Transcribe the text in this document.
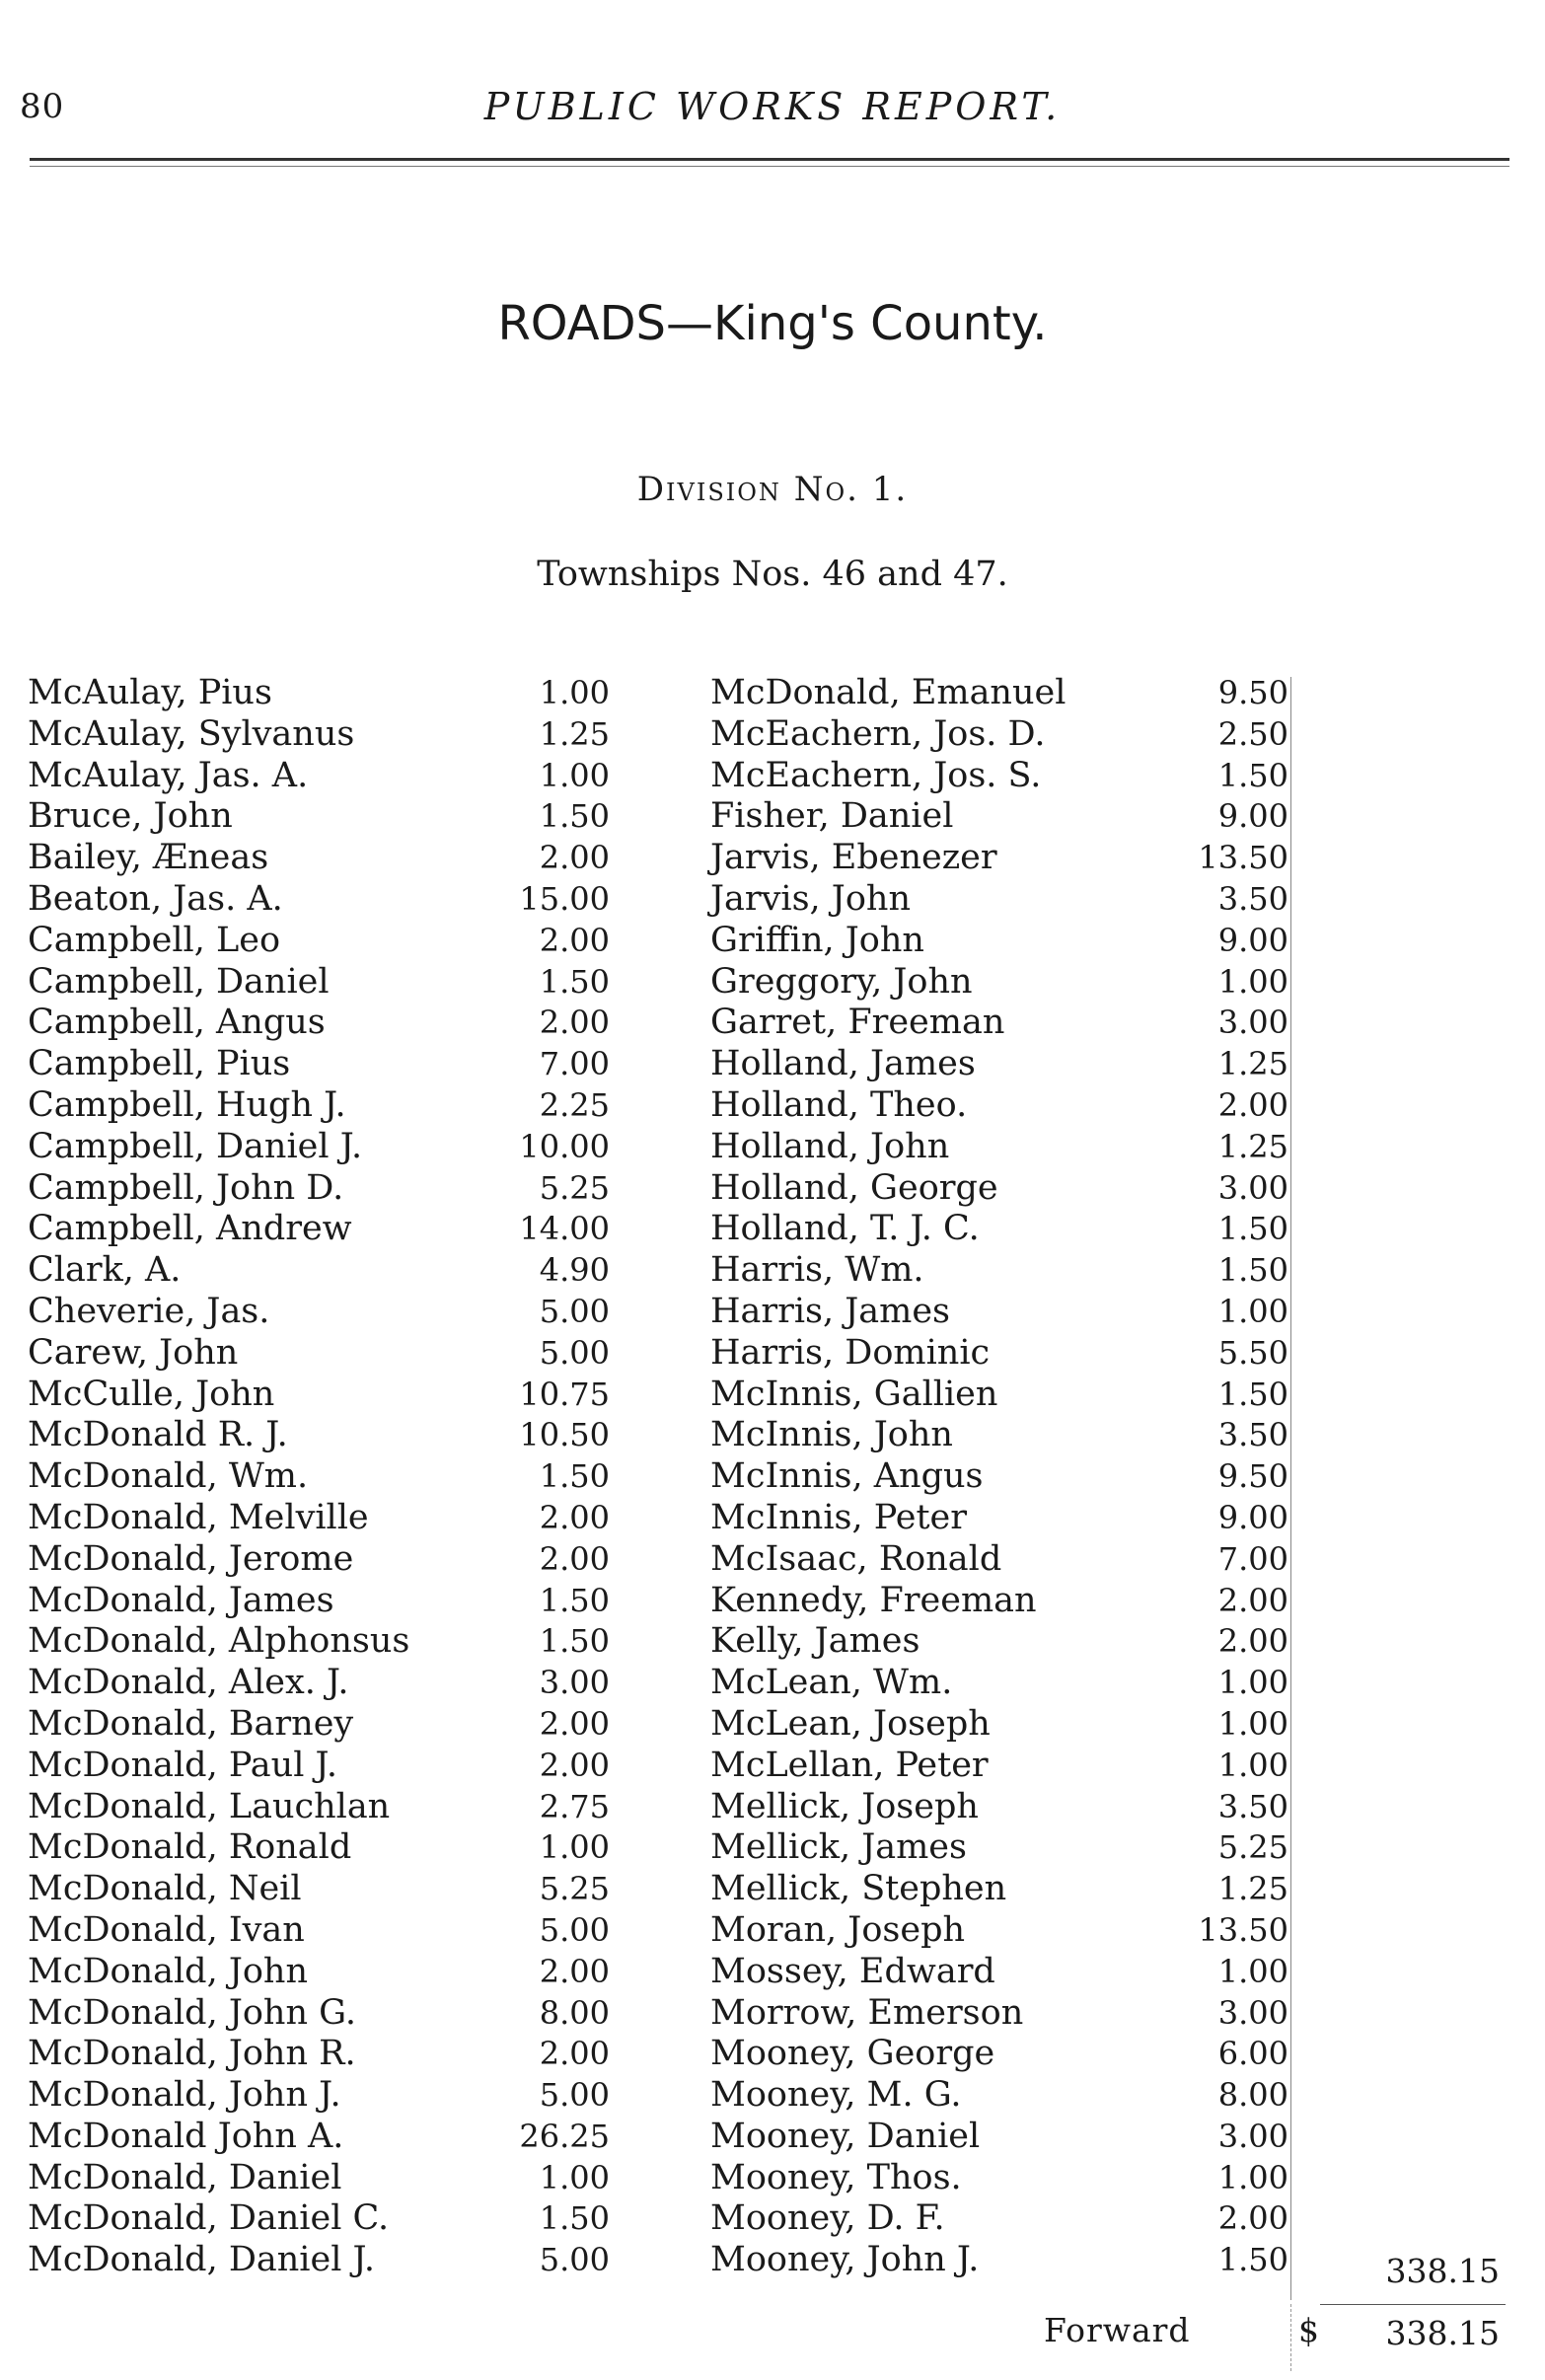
80	PUBLIC WORKS REPORT.
ROADS—King's County.
Division No. 1.
Townships Nos. 46 and 47.
McAulay, Pius	1.00
McAulay, Sylvanus	1.25
McAulay, Jas. A.	1.00
Bruce, John	1.50
Bailey, Æneas	2.00
Beaton, Jas. A.	15.00
Campbell, Leo	2.00
Campbell, Daniel	1.50
Campbell, Angus	2.00
Campbell, Pius	7.00
Campbell, Hugh J.	2.25
Campbell, Daniel J.	10.00
Campbell, John D.	5.25
Campbell, Andrew	14.00
Clark, A.	4.90
Cheverie, Jas.	5.00
Carew, John	5.00
McCulle, John	10.75
McDonald R. J.	10.50
McDonald, Wm.	1.50
McDonald, Melville	2.00
McDonald, Jerome	2.00
McDonald, James	1.50
McDonald, Alphonsus	1.50
McDonald, Alex. J.	3.00
McDonald, Barney	2.00
McDonald, Paul J.	2.00
McDonald, Lauchlan	2.75
McDonald, Ronald	1.00
McDonald, Neil	5.25
McDonald, Ivan	5.00
McDonald, John	2.00
McDonald, John G.	8.00
McDonald, John R.	2.00
McDonald, John J.	5.00
McDonald John A.	26.25
McDonald, Daniel	1.00
McDonald, Daniel C.	1.50
McDonald, Daniel J.	5.00
McDonald, Emanuel	9.50
McEachern, Jos. D.	2.50
McEachern, Jos. S.	1.50
Fisher, Daniel	9.00
Jarvis, Ebenezer	13.50
Jarvis, John	3.50
Griffin, John	9.00
Greggory, John	1.00
Garret, Freeman	3.00
Holland, James	1.25
Holland, Theo.	2.00
Holland, John	1.25
Holland, George	3.00
Holland, T. J. C.	1.50
Harris, Wm.	1.50
Harris, James	1.00
Harris, Dominic	5.50
McInnis, Gallien	1.50
McInnis, John	3.50
McInnis, Angus	9.50
McInnis, Peter	9.00
McIsaac, Ronald	7.00
Kennedy, Freeman	2.00
Kelly, James	2.00
McLean, Wm.	1.00
McLean, Joseph	1.00
McLellan, Peter	1.00
Mellick, Joseph	3.50
Mellick, James	5.25
Mellick, Stephen	1.25
Moran, Joseph	13.50
Mossey, Edward	1.00
Morrow, Emerson	3.00
Mooney, George	6.00
Mooney, M. G.	8.00
Mooney, Daniel	3.00
Mooney, Thos.	1.00
Mooney, D. F.	2.00
Mooney, John J.	1.50	338.15
Forward	$	338.15
